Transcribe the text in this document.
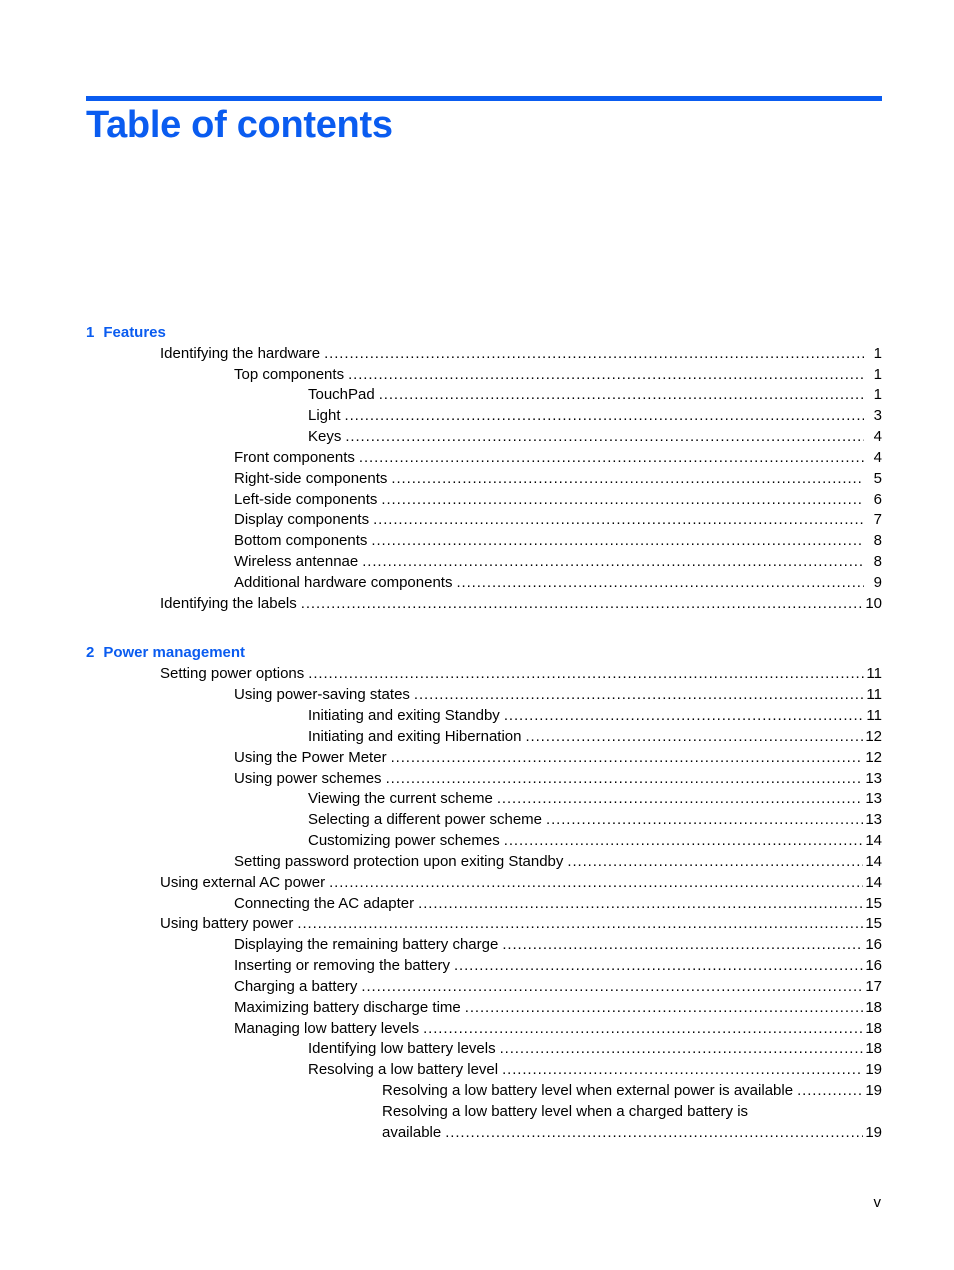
Table of contents
1 Features
Identifying the hardware .....	1
Top components .....	1
TouchPad .....	1
Light .....	3
Keys .....	4
Front components .....	4
Right-side components .....	5
Left-side components .....	6
Display components .....	7
Bottom components .....	8
Wireless antennae .....	8
Additional hardware components .....	9
Identifying the labels .....	10
2 Power management
Setting power options .....	11
Using power-saving states .....	11
Initiating and exiting Standby .....	11
Initiating and exiting Hibernation .....	12
Using the Power Meter .....	12
Using power schemes .....	13
Viewing the current scheme .....	13
Selecting a different power scheme .....	13
Customizing power schemes .....	14
Setting password protection upon exiting Standby .....	14
Using external AC power .....	14
Connecting the AC adapter .....	15
Using battery power .....	15
Displaying the remaining battery charge .....	16
Inserting or removing the battery .....	16
Charging a battery .....	17
Maximizing battery discharge time .....	18
Managing low battery levels .....	18
Identifying low battery levels .....	18
Resolving a low battery level .....	19
Resolving a low battery level when external power is available .....	19
Resolving a low battery level when a charged battery is
available .....	19
v
